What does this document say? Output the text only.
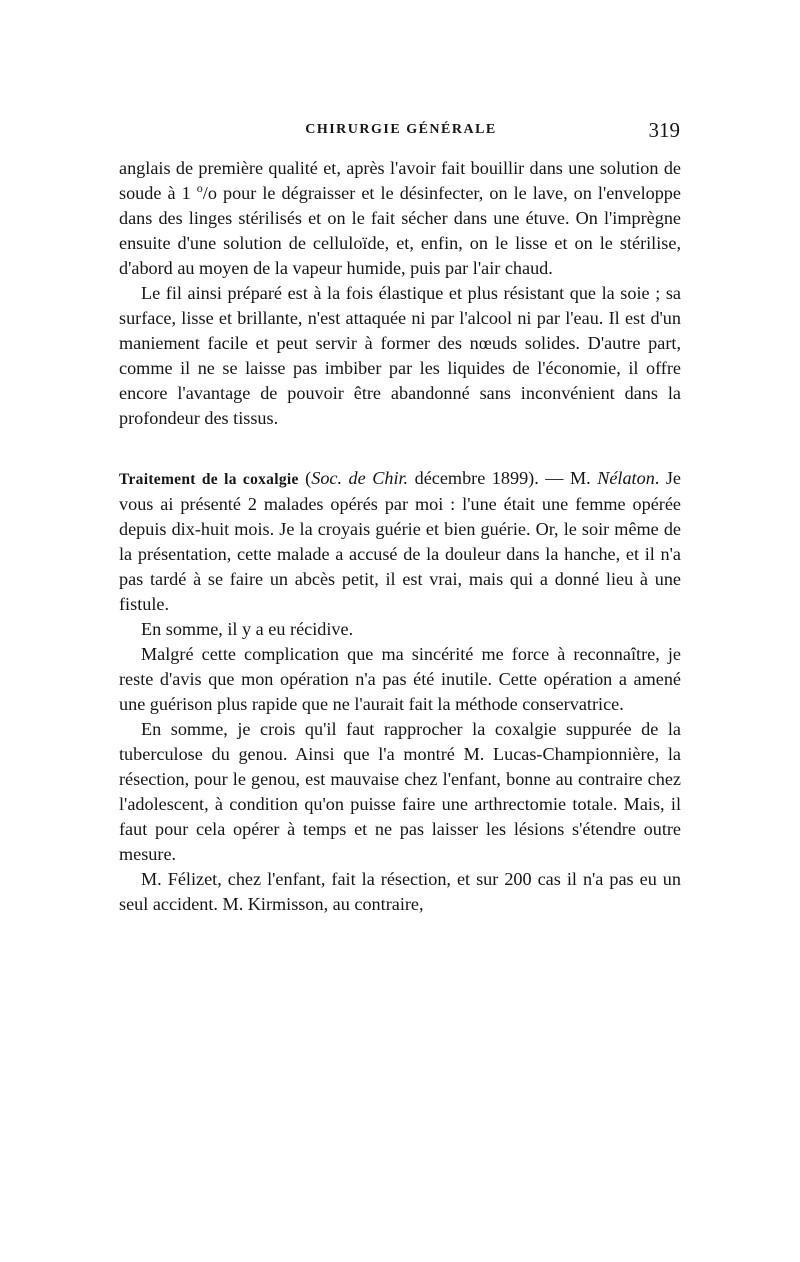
CHIRURGIE GÉNÉRALE	319

anglais de première qualité et, après l'avoir fait bouillir dans une solution de soude à 1 $^o$/o pour le dégraisser et le désinfecter, on le lave, on l'enveloppe dans des linges stérilisés et on le fait sécher dans une étuve. On l'imprègne ensuite d'une solution de celluloïde, et, enfin, on le lisse et on le stérilise, d'abord au moyen de la vapeur humide, puis par l'air chaud.

Le fil ainsi préparé est à la fois élastique et plus résistant que la soie ; sa surface, lisse et brillante, n'est attaquée ni par l'alcool ni par l'eau. Il est d'un maniement facile et peut servir à former des nœuds solides. D'autre part, comme il ne se laisse pas imbiber par les liquides de l'économie, il offre encore l'avantage de pouvoir être abandonné sans inconvénient dans la profondeur des tissus.

Traitement de la coxalgie (Soc. de Chir. décembre 1899). — M. Nélaton. Je vous ai présenté 2 malades opérés par moi : l'une était une femme opérée depuis dix-huit mois. Je la croyais guérie et bien guérie. Or, le soir même de la présentation, cette malade a accusé de la douleur dans la hanche, et il n'a pas tardé à se faire un abcès petit, il est vrai, mais qui a donné lieu à une fistule.

En somme, il y a eu récidive.

Malgré cette complication que ma sincérité me force à reconnaître, je reste d'avis que mon opération n'a pas été inutile. Cette opération a amené une guérison plus rapide que ne l'aurait fait la méthode conservatrice.

En somme, je crois qu'il faut rapprocher la coxalgie suppurée de la tuberculose du genou. Ainsi que l'a montré M. Lucas-Championnière, la résection, pour le genou, est mauvaise chez l'enfant, bonne au contraire chez l'adolescent, à condition qu'on puisse faire une arthrectomie totale. Mais, il faut pour cela opérer à temps et ne pas laisser les lésions s'étendre outre mesure.

M. Félizet, chez l'enfant, fait la résection, et sur 200 cas il n'a pas eu un seul accident. M. Kirmisson, au contraire,
